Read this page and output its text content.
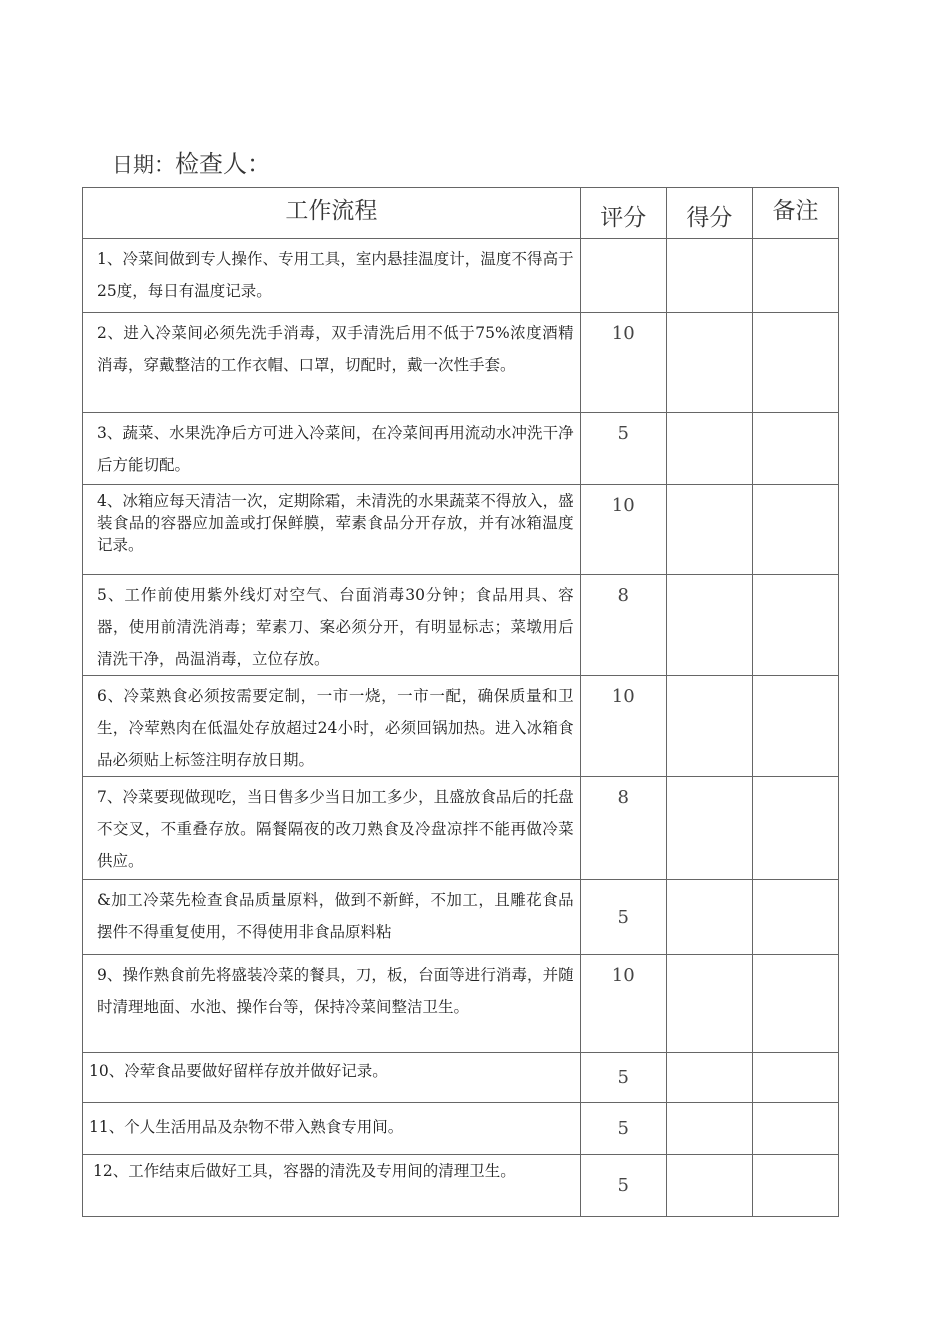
日期：检查人：
工作流程	评分	得分	备注
1、冷菜间做到专人操作、专用工具，室内悬挂温度计，温度不得高于25度，每日有温度记录。			
2、进入冷菜间必须先洗手消毒，双手清洗后用不低于75%浓度酒精消毒，穿戴整洁的工作衣帽、口罩，切配时，戴一次性手套。	10		
3、蔬菜、水果洗净后方可进入冷菜间，在冷菜间再用流动水冲洗干净后方能切配。	5		
4、冰箱应每天清洁一次，定期除霜，未清洗的水果蔬菜不得放入，盛装食品的容器应加盖或打保鲜膜，荤素食品分开存放，并有冰箱温度记录。	10		
5、工作前使用紫外线灯对空气、台面消毒30分钟；食品用具、容器，使用前清洗消毒；荤素刀、案必须分开，有明显标志；菜墩用后清洗干净，咼温消毒，立位存放。	8		
6、冷菜熟食必须按需要定制，一市一烧，一市一配，确保质量和卫生，冷荤熟肉在低温处存放超过24小时，必须回锅加热。进入冰箱食品必须贴上标签注明存放日期。	10		
7、冷菜要现做现吃，当日售多少当日加工多少，且盛放食品后的托盘不交叉，不重叠存放。隔餐隔夜的改刀熟食及冷盘凉拌不能再做冷菜供应。	8		
&加工冷菜先检查食品质量原料，做到不新鲜，不加工，且雕花食品摆件不得重复使用，不得使用非食品原料粘	5		
9、操作熟食前先将盛装冷菜的餐具，刀，板，台面等进行消毒，并随时清理地面、水池、操作台等，保持冷菜间整洁卫生。	10		
10、冷荤食品要做好留样存放并做好记录。	5		
11、个人生活用品及杂物不带入熟食专用间。	5		
12、工作结束后做好工具，容器的清洗及专用间的清理卫生。	5		
